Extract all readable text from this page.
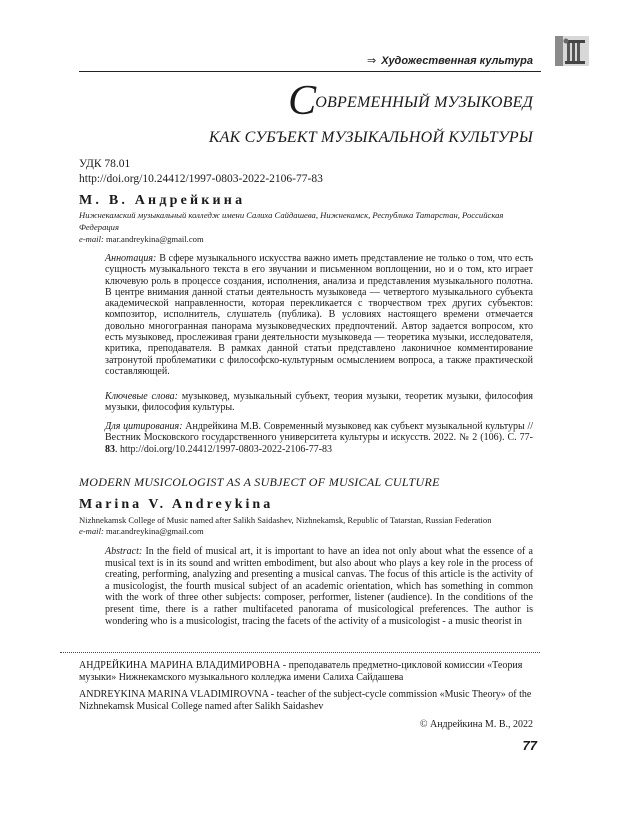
⇒ Художественная культура
СОВРЕМЕННЫЙ МУЗЫКОВЕД
КАК СУБЪЕКТ МУЗЫКАЛЬНОЙ КУЛЬТУРЫ
УДК 78.01
http://doi.org/10.24412/1997-0803-2022-2106-77-83
М. В. Андрейкина
Нижнекамский музыкальный колледж имени Салиха Сайдашева, Нижнекамск, Республика Татарстан, Российская Федерация
e-mail: mar.andreykina@gmail.com
Аннотация: В сфере музыкального искусства важно иметь представление не только о том, что есть сущность музыкального текста в его звучании и письменном воплощении, но и о том, кто играет ключевую роль в процессе создания, исполнения, анализа и представления музыкального полотна. В центре внимания данной статьи деятельность музыковеда — четвертого музыкального субъекта академической направленности, которая перекликается с творчеством трех других субъектов: композитор, исполнитель, слушатель (публика). В условиях настоящего времени отмечается довольно многогранная панорама музыковедческих предпочтений. Автор задается вопросом, кто есть музыковед, прослеживая грани деятельности музыковеда — теоретика музыки, исследователя, критика, преподавателя. В рамках данной статьи представлено лаконичное комментирование затронутой проблематики с философско-культурным осмыслением вопроса, а также практической составляющей.
Ключевые слова: музыковед, музыкальный субъект, теория музыки, теоретик музыки, философия музыки, философия культуры.
Для цитирования: Андрейкина М.В. Современный музыковед как субъект музыкальной культуры // Вестник Московского государственного университета культуры и искусств. 2022. № 2 (106). С. 77-83. http://doi.org/10.24412/1997-0803-2022-2106-77-83
MODERN MUSICOLOGIST AS A SUBJECT OF MUSICAL CULTURE
Marina V. Andreykina
Nizhnekamsk College of Music named after Salikh Saidashev, Nizhnekamsk, Republic of Tatarstan, Russian Federation
e-mail: mar.andreykina@gmail.com
Abstract: In the field of musical art, it is important to have an idea not only about what the essence of a musical text is in its sound and written embodiment, but also about who plays a key role in the process of creating, performing, analyzing and presenting a musical canvas. The focus of this article is the activity of a musicologist, the fourth musical subject of an academic orientation, which has something in common with the work of three other subjects: composer, performer, listener (audience). In the conditions of the present time, there is a rather multifaceted panorama of musicological preferences. The author is wondering who is a musicologist, tracing the facets of the activity of a musicologist - a music theorist in
АНДРЕЙКИНА МАРИНА ВЛАДИМИРОВНА - преподаватель предметно-цикловой комиссии «Теория музыки» Нижнекамского музыкального колледжа имени Салиха Сайдашева
ANDREYKINA MARINA VLADIMIROVNA - teacher of the subject-cycle commission «Music Theory» of the Nizhnekamsk Musical College named after Salikh Saidashev
© Андрейкина М. В., 2022
77
